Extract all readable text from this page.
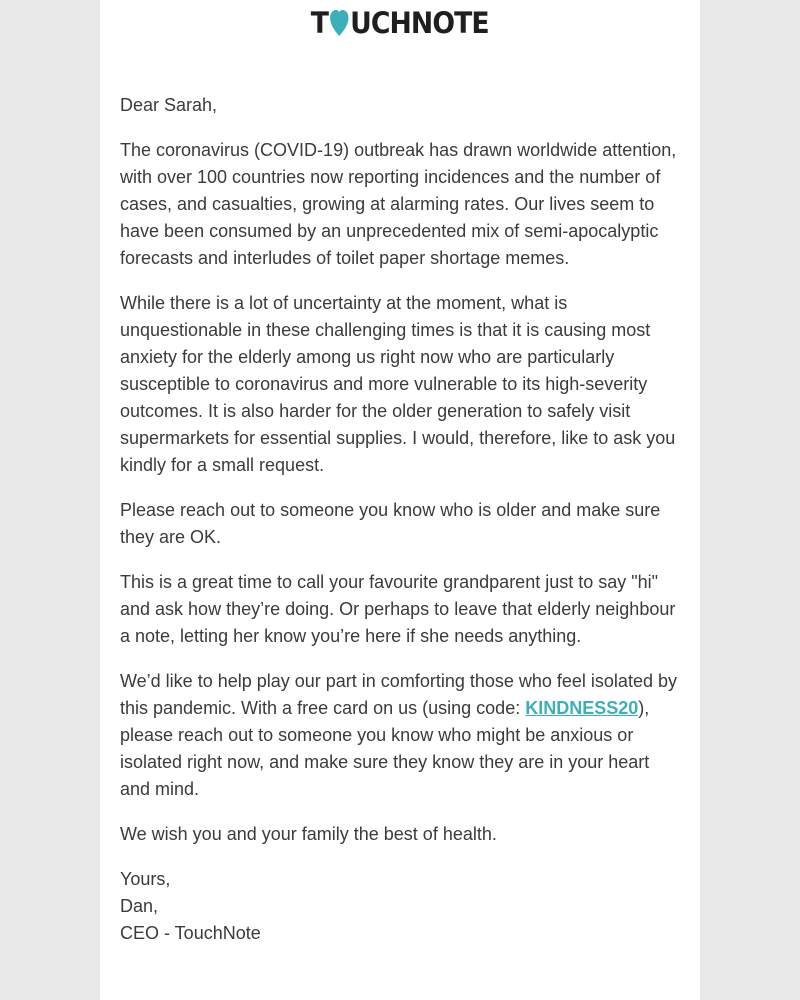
T UCHNOTE

Dear Sarah,

The coronavirus (COVID-19) outbreak has drawn worldwide attention, with over 100 countries now reporting incidences and the number of cases, and casualties, growing at alarming rates. Our lives seem to have been consumed by an unprecedented mix of semi-apocalyptic forecasts and interludes of toilet paper shortage memes.

While there is a lot of uncertainty at the moment, what is unquestionable in these challenging times is that it is causing most anxiety for the elderly among us right now who are particularly susceptible to coronavirus and more vulnerable to its high-severity outcomes. It is also harder for the older generation to safely visit supermarkets for essential supplies. I would, therefore, like to ask you kindly for a small request.

Please reach out to someone you know who is older and make sure they are OK.

This is a great time to call your favourite grandparent just to say "hi" and ask how they’re doing. Or perhaps to leave that elderly neighbour a note, letting her know you’re here if she needs anything.

We’d like to help play our part in comforting those who feel isolated by this pandemic. With a free card on us (using code: KINDNESS20), please reach out to someone you know who might be anxious or isolated right now, and make sure they know they are in your heart and mind.

We wish you and your family the best of health.

Yours,

Dan,

CEO - TouchNote
